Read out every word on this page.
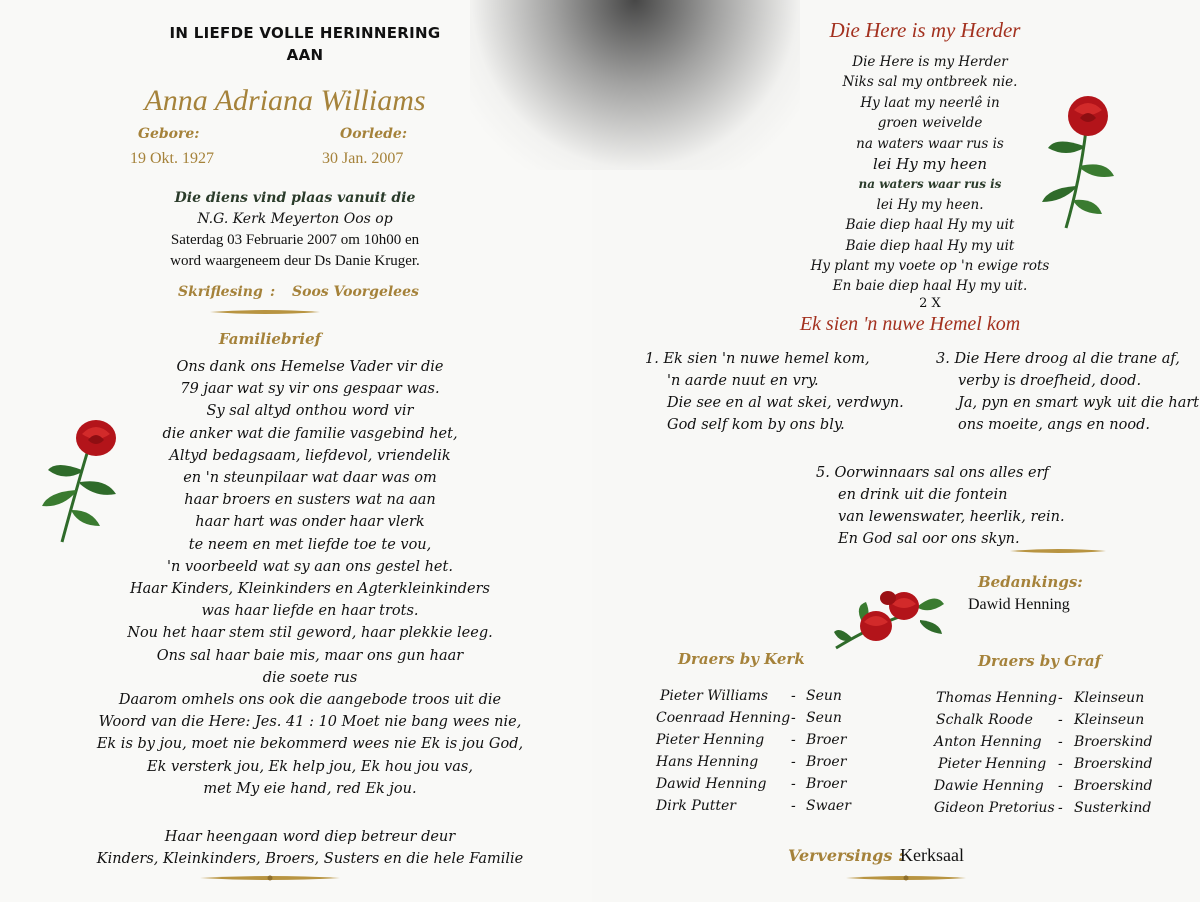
IN LIEFDE VOLLE HERINNERING
AAN
Anna Adriana Williams
Gebore:
19 Okt. 1927
Oorlede:
30 Jan. 2007
Die diens vind plaas vanuit die
N.G. Kerk Meyerton Oos op
Saterdag 03 Februarie 2007 om 10h00 en
word waargeneem deur Ds Danie Kruger.
Skriflesing : Soos Voorgelees
Familiebrief
Ons dank ons Hemelse Vader vir die
79 jaar wat sy vir ons gespaar was.
Sy sal altyd onthou word vir
die anker wat die familie vasgebind het,
Altyd bedagsaam, liefdevol, vriendelik
en 'n steunpilaar wat daar was om
haar broers en susters wat na aan
haar hart was onder haar vlerk
te neem en met liefde toe te vou,
'n voorbeeld wat sy aan ons gestel het.
Haar Kinders, Kleinkinders en Agterkleinkinders
was haar liefde en haar trots.
Nou het haar stem stil geword, haar plekkie leeg.
Ons sal haar baie mis, maar ons gun haar
die soete rus
Daarom omhels ons ook die aangebode troos uit die
Woord van die Here: Jes. 41 : 10 Moet nie bang wees nie,
Ek is by jou, moet nie bekommerd wees nie Ek is jou God,
Ek versterk jou, Ek help jou, Ek hou jou vas,
met My eie hand, red Ek jou.
Haar heengaan word diep betreur deur
Kinders, Kleinkinders, Broers, Susters en die hele Familie
Die Here is my Herder
Die Here is my Herder
Niks sal my ontbreek nie.
Hy laat my neerlê in
groen weivelde
na waters waar rus is
lei Hy my heen
na waters waar rus is
lei Hy my heen.
Baie diep haal Hy my uit
Baie diep haal Hy my uit
Hy plant my voete op 'n ewige rots
En baie diep haal Hy my uit.
2 X
Ek sien 'n nuwe Hemel kom
1. Ek sien 'n nuwe hemel kom,
'n aarde nuut en vry.
Die see en al wat skei, verdwyn.
God self kom by ons bly.
3. Die Here droog al die trane af,
verby is droefheid, dood.
Ja, pyn en smart wyk uit die hart
ons moeite, angs en nood.
5. Oorwinnaars sal ons alles erf
en drink uit die fontein
van lewenswater, heerlik, rein.
En God sal oor ons skyn.
Bedankings:
Dawid Henning
Draers by Kerk	Draers by Graf
Pieter Williams - Seun
Coenraad Henning - Seun
Pieter Henning - Broer
Hans Henning - Broer
Dawid Henning - Broer
Dirk Putter	- Swaer
Thomas Henning - Kleinseun
Schalk Roode - Kleinseun
Anton Henning - Broerskind
Pieter Henning - Broerskind
Dawie Henning - Broerskind
Gideon Pretorius - Susterkind
Verversings :
Kerksaal
